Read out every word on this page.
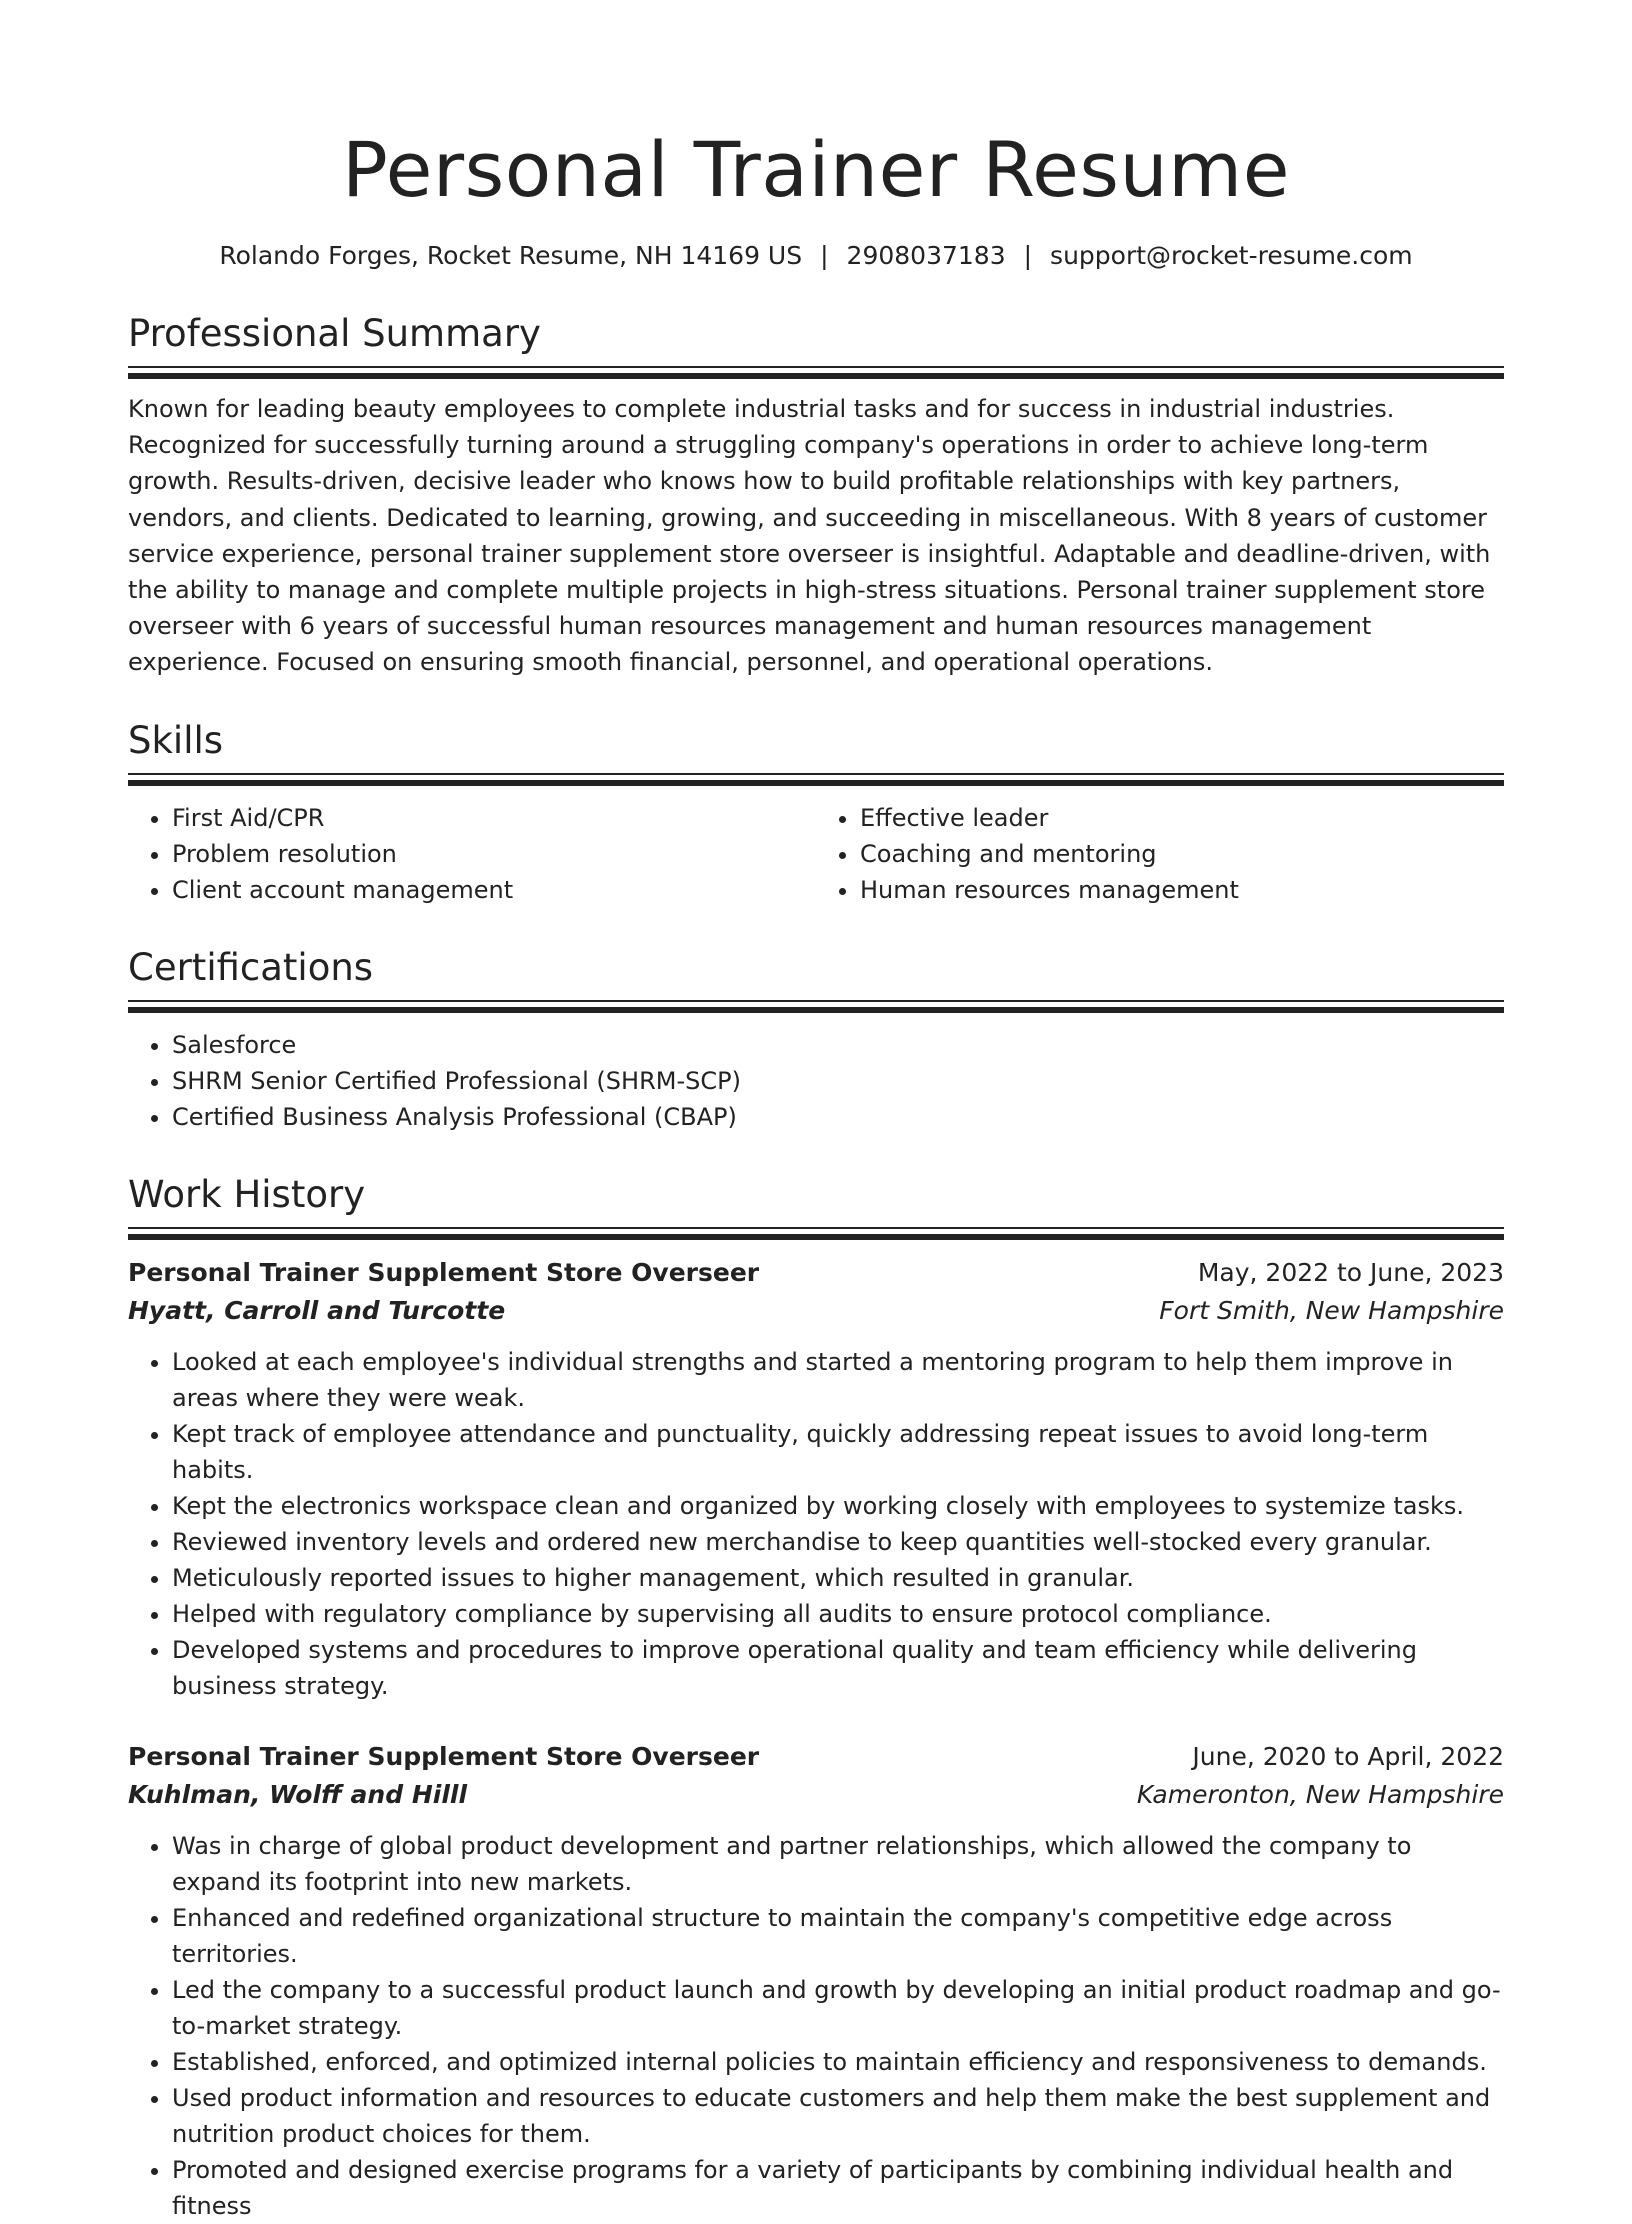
Personal Trainer Resume
Rolando Forges, Rocket Resume, NH 14169 US | 2908037183 | support@rocket-resume.com
Professional Summary
Known for leading beauty employees to complete industrial tasks and for success in industrial industries. Recognized for successfully turning around a struggling company's operations in order to achieve long-term growth. Results-driven, decisive leader who knows how to build profitable relationships with key partners, vendors, and clients. Dedicated to learning, growing, and succeeding in miscellaneous. With 8 years of customer service experience, personal trainer supplement store overseer is insightful. Adaptable and deadline-driven, with the ability to manage and complete multiple projects in high-stress situations. Personal trainer supplement store overseer with 6 years of successful human resources management and human resources management experience. Focused on ensuring smooth financial, personnel, and operational operations.
Skills
• First Aid/CPR
• Problem resolution
• Client account management
• Effective leader
• Coaching and mentoring
• Human resources management
Certifications
• Salesforce
• SHRM Senior Certified Professional (SHRM-SCP)
• Certified Business Analysis Professional (CBAP)
Work History
Personal Trainer Supplement Store Overseer	May, 2022 to June, 2023
Hyatt, Carroll and Turcotte	Fort Smith, New Hampshire
• Looked at each employee's individual strengths and started a mentoring program to help them improve in areas where they were weak.
• Kept track of employee attendance and punctuality, quickly addressing repeat issues to avoid long-term habits.
• Kept the electronics workspace clean and organized by working closely with employees to systemize tasks.
• Reviewed inventory levels and ordered new merchandise to keep quantities well-stocked every granular.
• Meticulously reported issues to higher management, which resulted in granular.
• Helped with regulatory compliance by supervising all audits to ensure protocol compliance.
• Developed systems and procedures to improve operational quality and team efficiency while delivering business strategy.
Personal Trainer Supplement Store Overseer	June, 2020 to April, 2022
Kuhlman, Wolff and Hilll	Kameronton, New Hampshire
• Was in charge of global product development and partner relationships, which allowed the company to expand its footprint into new markets.
• Enhanced and redefined organizational structure to maintain the company's competitive edge across territories.
• Led the company to a successful product launch and growth by developing an initial product roadmap and go-to-market strategy.
• Established, enforced, and optimized internal policies to maintain efficiency and responsiveness to demands.
• Used product information and resources to educate customers and help them make the best supplement and nutrition product choices for them.
• Promoted and designed exercise programs for a variety of participants by combining individual health and fitness
